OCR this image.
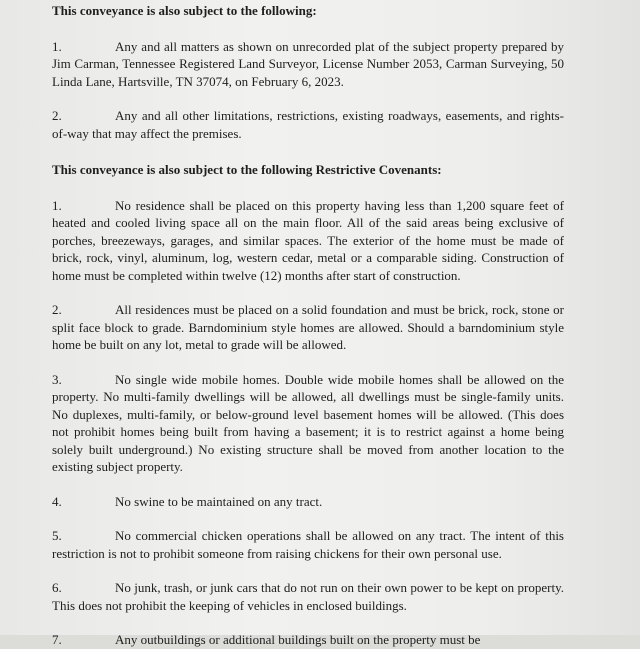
This conveyance is also subject to the following:

1.	Any and all matters as shown on unrecorded plat of the subject property prepared by Jim Carman, Tennessee Registered Land Surveyor, License Number 2053, Carman Surveying, 50 Linda Lane, Hartsville, TN 37074, on February 6, 2023.

2.	Any and all other limitations, restrictions, existing roadways, easements, and rights-of-way that may affect the premises.

This conveyance is also subject to the following Restrictive Covenants:

1.	No residence shall be placed on this property having less than 1,200 square feet of heated and cooled living space all on the main floor. All of the said areas being exclusive of porches, breezeways, garages, and similar spaces. The exterior of the home must be made of brick, rock, vinyl, aluminum, log, western cedar, metal or a comparable siding. Construction of home must be completed within twelve (12) months after start of construction.

2.	All residences must be placed on a solid foundation and must be brick, rock, stone or split face block to grade. Barndominium style homes are allowed. Should a barndominium style home be built on any lot, metal to grade will be allowed.

3.	No single wide mobile homes. Double wide mobile homes shall be allowed on the property. No multi-family dwellings will be allowed, all dwellings must be single-family units. No duplexes, multi-family, or below-ground level basement homes will be allowed. (This does not prohibit homes being built from having a basement; it is to restrict against a home being solely built underground.) No existing structure shall be moved from another location to the existing subject property.

4.	No swine to be maintained on any tract.

5.	No commercial chicken operations shall be allowed on any tract. The intent of this restriction is not to prohibit someone from raising chickens for their own personal use.

6.	No junk, trash, or junk cars that do not run on their own power to be kept on property. This does not prohibit the keeping of vehicles in enclosed buildings.

7.	Any outbuildings or additional buildings built on the property must be
